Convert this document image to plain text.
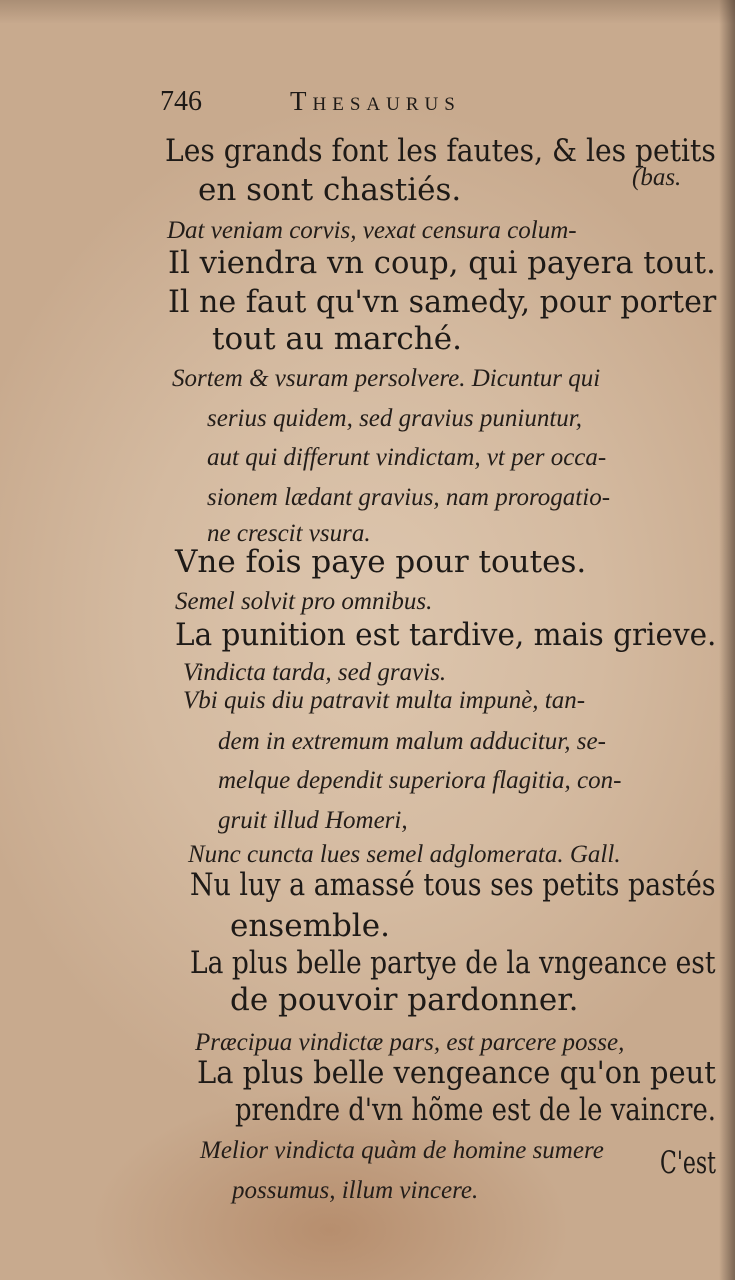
746	Thesaurus
Les grands font les fautes, & les petits
en sont chastiés.	(bas.
Dat veniam corvis, vexat censura colum-
Il viendra vn coup, qui payera tout.
Il ne faut qu'vn samedy, pour porter
tout au marché.
Sortem & vsuram persolvere. Dicuntur qui
serius quidem, sed gravius puniuntur,
aut qui differunt vindictam, vt per occa-
sionem lædant gravius, nam prorogatio-
ne crescit vsura.
Vne fois paye pour toutes.
Semel solvit pro omnibus.
La punition est tardive, mais grieve.
Vindicta tarda, sed gravis.
Vbi quis diu patravit multa impunè, tan-
dem in extremum malum adducitur, se-
melque dependit superiora flagitia, con-
gruit illud Homeri,
Nunc cuncta lues semel adglomerata. Gall.
Nu luy a amassé tous ses petits pastés
ensemble.
La plus belle partye de la vngeance est
de pouvoir pardonner.
Præcipua vindictæ pars, est parcere posse,
La plus belle vengeance qu'on peut
prendre d'vn hõme est de le vaincre.
Melior vindicta quàm de homine sumere C'est
possumus, illum vincere.
